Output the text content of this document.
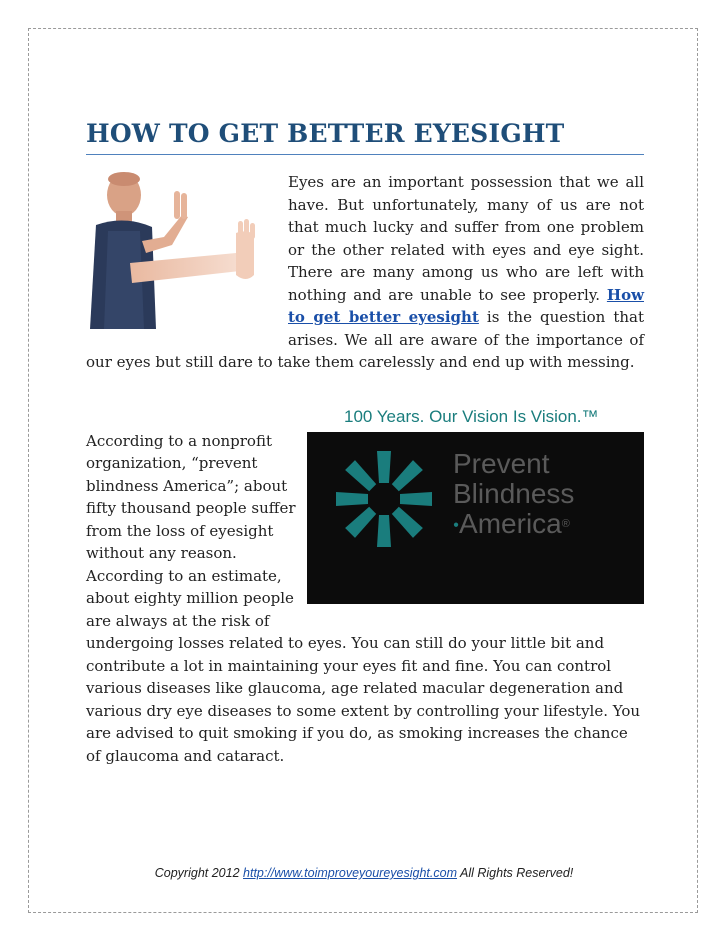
HOW TO GET BETTER EYESIGHT

Eyes are an important possession that we all have. But unfortunately, many of us are not that much lucky and suffer from one problem or the other related with eyes and eye sight. There are many among us who are left with nothing and are unable to see properly. How to get better eyesight is the question that arises. We all are aware of the importance of our eyes but still dare to take them carelessly and end up with messing.

According to a nonprofit organization, “prevent blindness America”; about fifty thousand people suffer from the loss of eyesight without any reason. According to an estimate, about eighty million people are always at the risk of undergoing losses related to eyes. You can still do your little bit and contribute a lot in maintaining your eyes fit and fine. You can control various diseases like glaucoma, age related macular degeneration and various dry eye diseases to some extent by controlling your lifestyle. You are advised to quit smoking if you do, as smoking increases the chance of glaucoma and cataract.

Copyright 2012 http://www.toimproveyoureyesight.com All Rights Reserved!
